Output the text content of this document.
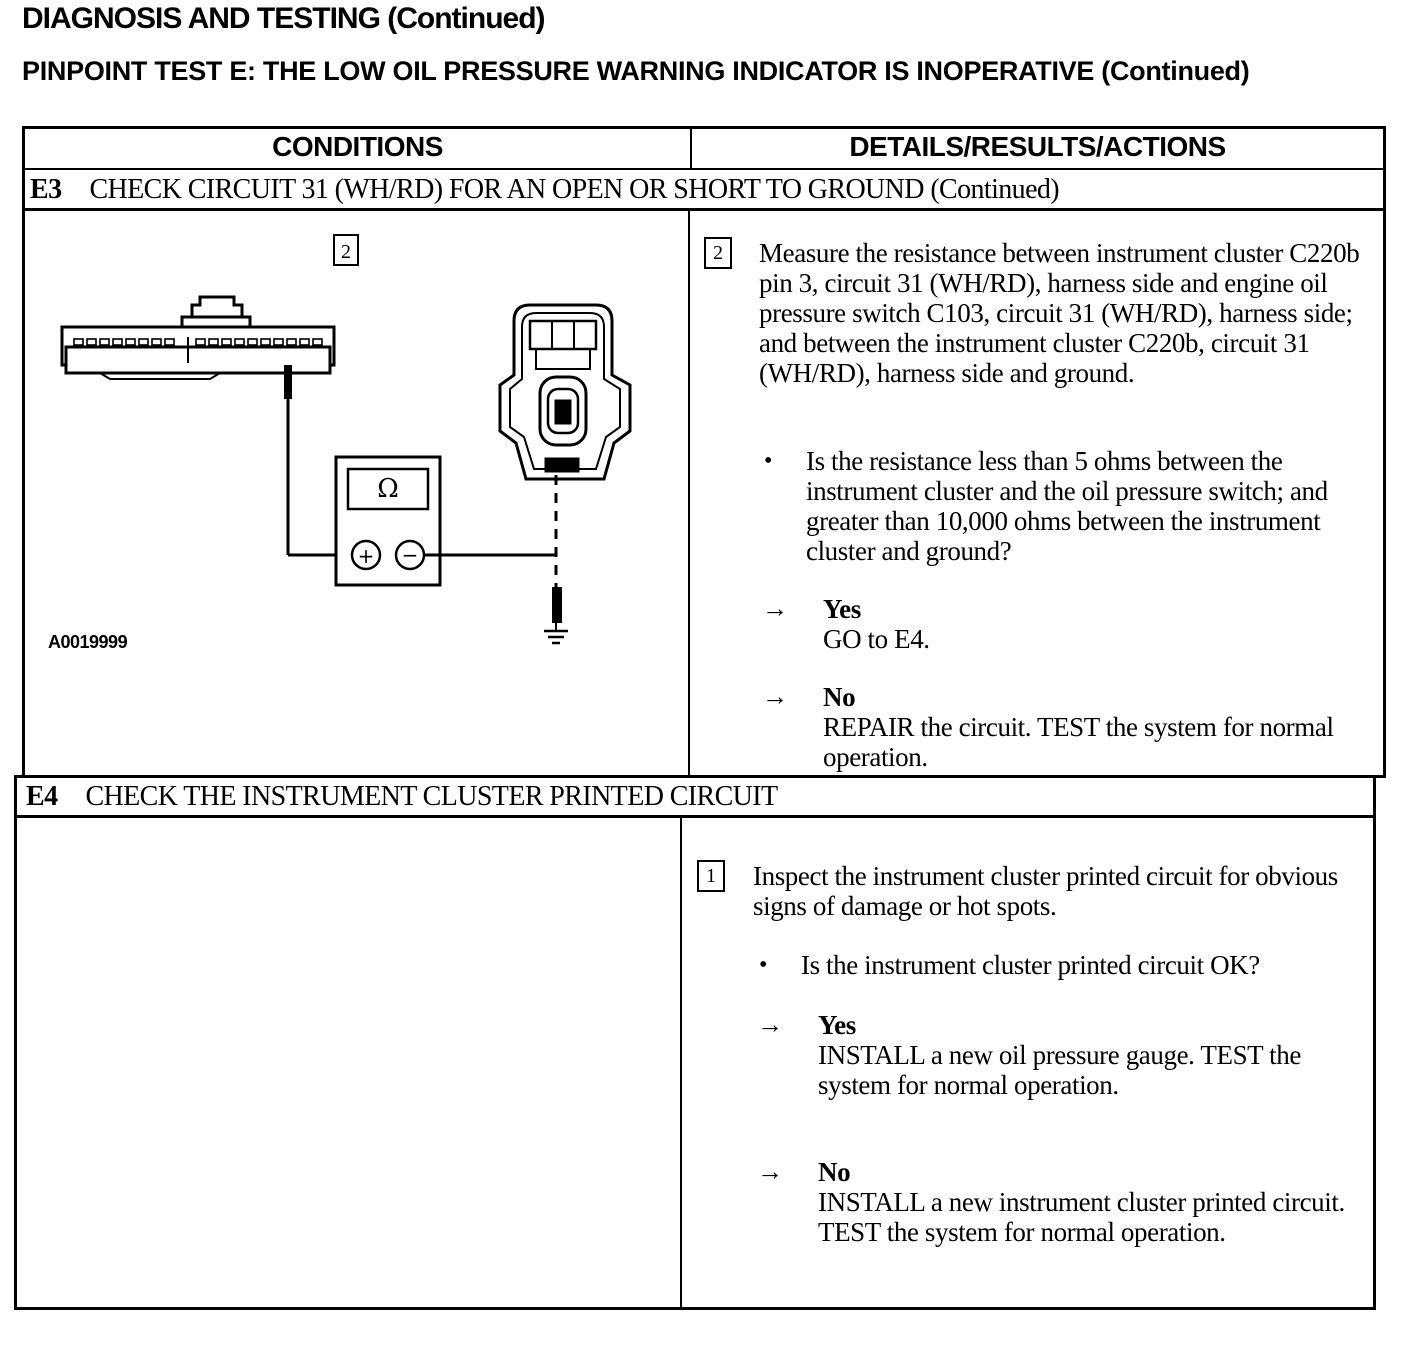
DIAGNOSIS AND TESTING (Continued)
PINPOINT TEST E: THE LOW OIL PRESSURE WARNING INDICATOR IS INOPERATIVE (Continued)
CONDITIONS	DETAILS/RESULTS/ACTIONS
E3 CHECK CIRCUIT 31 (WH/RD) FOR AN OPEN OR SHORT TO GROUND (Continued)
2
Ω
+ −
A0019999
2	Measure the resistance between instrument cluster C220b pin 3, circuit 31 (WH/RD), harness side and engine oil pressure switch C103, circuit 31 (WH/RD), harness side; and between the instrument cluster C220b, circuit 31 (WH/RD), harness side and ground.
• Is the resistance less than 5 ohms between the instrument cluster and the oil pressure switch; and greater than 10,000 ohms between the instrument cluster and ground?
→ Yes
GO to E4.
→ No
REPAIR the circuit. TEST the system for normal operation.
E4 CHECK THE INSTRUMENT CLUSTER PRINTED CIRCUIT
1	Inspect the instrument cluster printed circuit for obvious signs of damage or hot spots.
• Is the instrument cluster printed circuit OK?
→ Yes
INSTALL a new oil pressure gauge. TEST the system for normal operation.
→ No
INSTALL a new instrument cluster printed circuit. TEST the system for normal operation.
